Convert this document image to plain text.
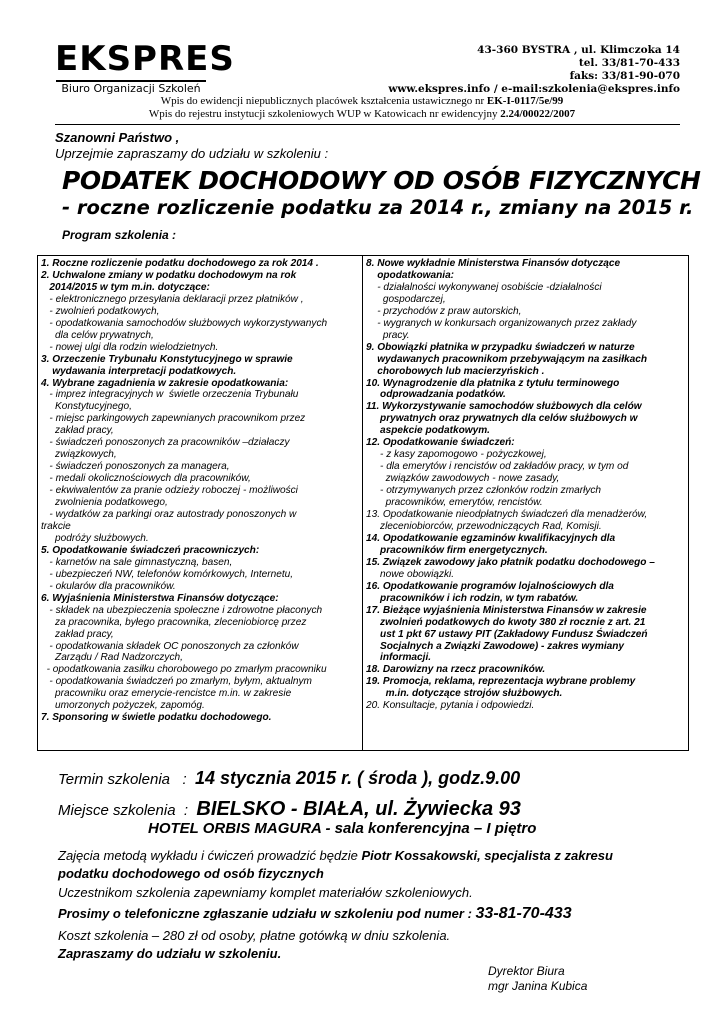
EKSPRES
Biuro Organizacji Szkoleń
43-360 BYSTRA , ul. Klimczoka 14
tel. 33/81-70-433
faks: 33/81-90-070
www.ekspres.info / e-mail:szkolenia@ekspres.info
Wpis do ewidencji niepublicznych placówek kształcenia ustawicznego nr EK-I-0117/5e/99
Wpis do rejestru instytucji szkoleniowych WUP w Katowicach nr ewidencyjny 2.24/00022/2007
Szanowni Państwo ,
Uprzejmie zapraszamy do udziału w szkoleniu :
PODATEK DOCHODOWY OD OSÓB FIZYCZNYCH
- roczne rozliczenie podatku za 2014 r., zmiany na 2015 r.
Program szkolenia :
1. Roczne rozliczenie podatku dochodowego za rok 2014 .
2. Uchwalone zmiany w podatku dochodowym na rok
2014/2015 w tym m.in. dotyczące:
- elektronicznego przesyłania deklaracji przez płatników ,
- zwolnień podatkowych,
- opodatkowania samochodów służbowych wykorzystywanych
dla celów prywatnych,
- nowej ulgi dla rodzin wielodzietnych.
3. Orzeczenie Trybunału Konstytucyjnego w sprawie
wydawania interpretacji podatkowych.
4. Wybrane zagadnienia w zakresie opodatkowania:
- imprez integracyjnych w  świetle orzeczenia Trybunału
Konstytucyjnego,
- miejsc parkingowych zapewnianych pracownikom przez
zakład pracy,
- świadczeń ponoszonych za pracowników –działaczy
związkowych,
- świadczeń ponoszonych za managera,
- medali okolicznościowych dla pracowników,
- ekwiwalentów za pranie odzieży roboczej - możliwości
zwolnienia podatkowego,
- wydatków za parkingi oraz autostrady ponoszonych w
trakcie
podróży służbowych.
5. Opodatkowanie świadczeń pracowniczych:
- karnetów na sale gimnastyczną, basen,
- ubezpieczeń NW, telefonów komórkowych, Internetu,
- okularów dla pracowników.
6. Wyjaśnienia Ministerstwa Finansów dotyczące:
- składek na ubezpieczenia społeczne i zdrowotne płaconych
za pracownika, byłego pracownika, zleceniobiorcę przez
zakład pracy,
- opodatkowania składek OC ponoszonych za członków
Zarządu / Rad Nadzorczych,
- opodatkowania zasiłku chorobowego po zmarłym pracowniku
- opodatkowania świadczeń po zmarłym, byłym, aktualnym
pracowniku oraz emerycie-rencistce m.in. w zakresie
umorzonych pożyczek, zapomóg.
7. Sponsoring w świetle podatku dochodowego.
8. Nowe wykładnie Ministerstwa Finansów dotyczące
opodatkowania:
- działalności wykonywanej osobiście -działalności
gospodarczej,
- przychodów z praw autorskich,
- wygranych w konkursach organizowanych przez zakłady
pracy.
9. Obowiązki płatnika w przypadku świadczeń w naturze
wydawanych pracownikom przebywającym na zasiłkach
chorobowych lub macierzyńskich .
10. Wynagrodzenie dla płatnika z tytułu terminowego
odprowadzania podatków.
11. Wykorzystywanie samochodów służbowych dla celów
prywatnych oraz prywatnych dla celów służbowych w
aspekcie podatkowym.
12. Opodatkowanie świadczeń:
- z kasy zapomogowo - pożyczkowej,
- dla emerytów i rencistów od zakładów pracy, w tym od
związków zawodowych - nowe zasady,
- otrzymywanych przez członków rodzin zmarłych
pracowników, emerytów, rencistów.
13. Opodatkowanie nieodpłatnych świadczeń dla menadżerów,
zleceniobiorców, przewodniczących Rad, Komisji.
14. Opodatkowanie egzaminów kwalifikacyjnych dla
pracowników firm energetycznych.
15. Związek zawodowy jako płatnik podatku dochodowego –
nowe obowiązki.
16. Opodatkowanie programów lojalnościowych dla
pracowników i ich rodzin, w tym rabatów.
17. Bieżące wyjaśnienia Ministerstwa Finansów w zakresie
zwolnień podatkowych do kwoty 380 zł rocznie z art. 21
ust 1 pkt 67 ustawy PIT (Zakładowy Fundusz Świadczeń
Socjalnych a Związki Zawodowe) - zakres wymiany
informacji.
18. Darowizny na rzecz pracowników.
19. Promocja, reklama, reprezentacja wybrane problemy
m.in. dotyczące strojów służbowych.
20. Konsultacje, pytania i odpowiedzi.
Termin szkolenia   :  14 stycznia 2015 r. ( środa ), godz.9.00
Miejsce szkolenia  :  BIELSKO - BIAŁA, ul. Żywiecka 93
HOTEL ORBIS MAGURA - sala konferencyjna – I piętro
Zajęcia metodą wykładu i ćwiczeń prowadzić będzie Piotr Kossakowski, specjalista z zakresu
podatku dochodowego od osób fizycznych
Uczestnikom szkolenia zapewniamy komplet materiałów szkoleniowych.
Prosimy o telefoniczne zgłaszanie udziału w szkoleniu pod numer : 33-81-70-433
Koszt szkolenia – 280 zł od osoby, płatne gotówką w dniu szkolenia.
Zapraszamy do udziału w szkoleniu.
Dyrektor Biura
mgr Janina Kubica
